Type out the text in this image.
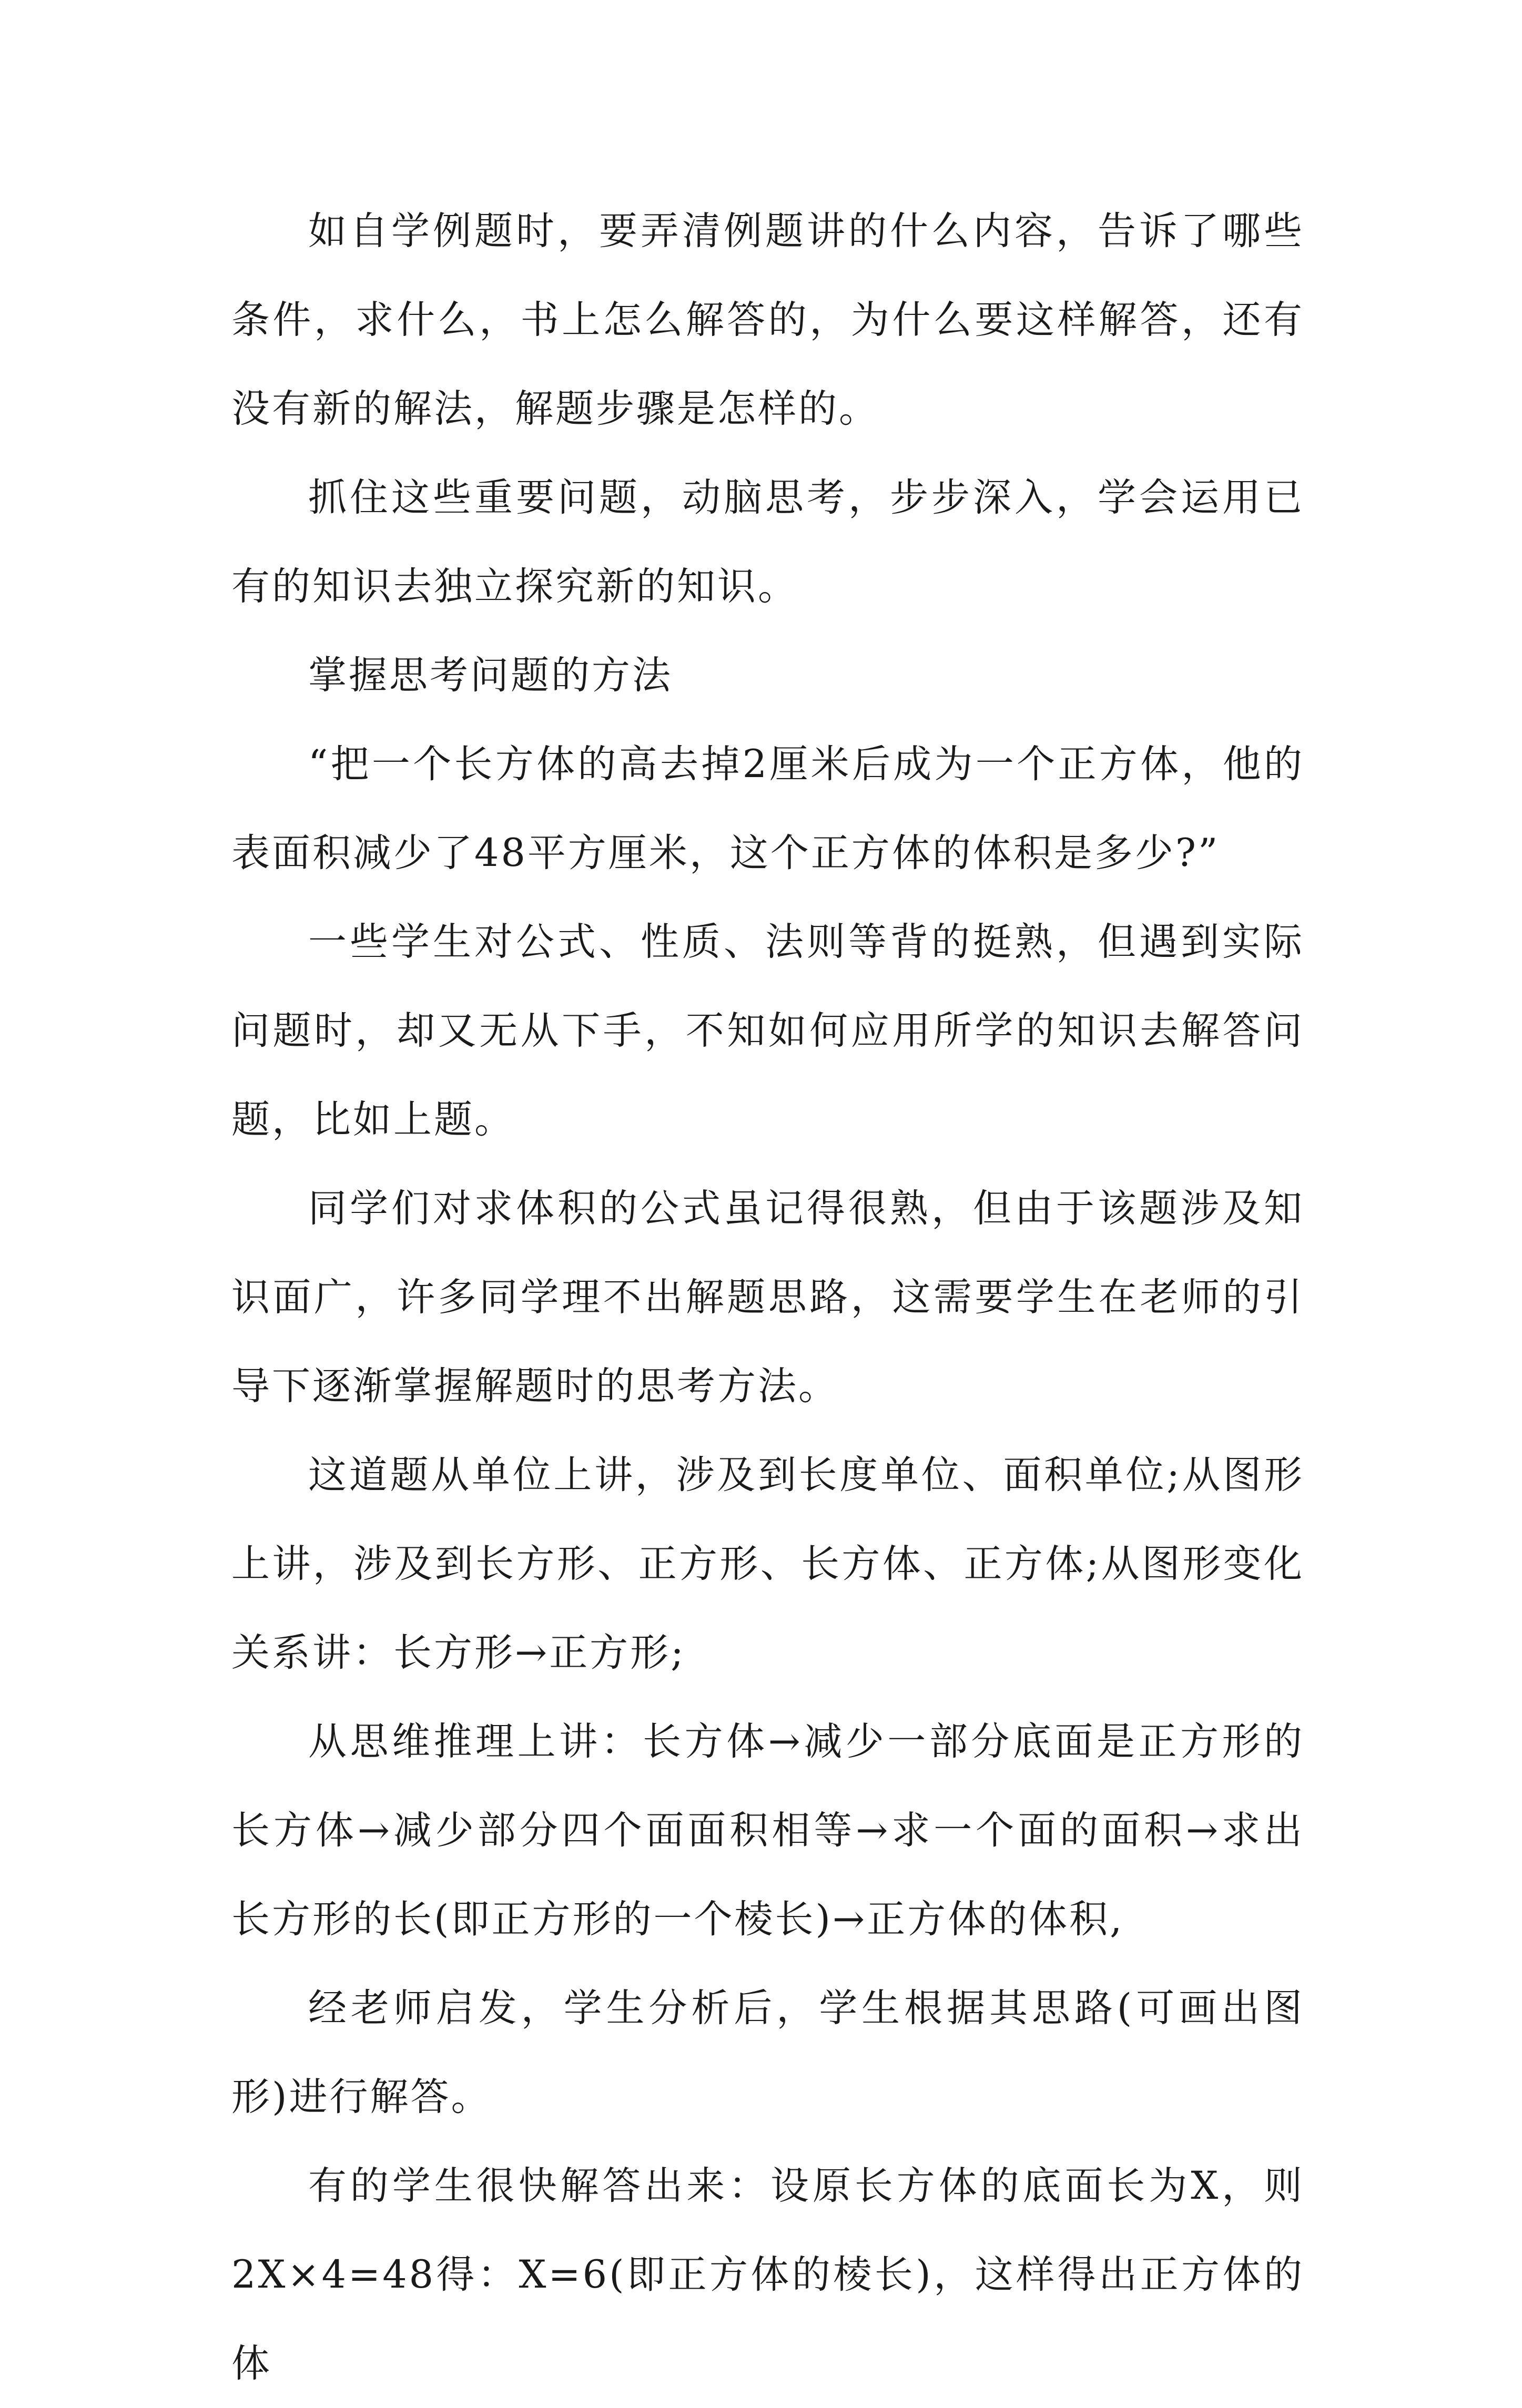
如自学例题时，要弄清例题讲的什么内容，告诉了哪些条件，求什么，书上怎么解答的，为什么要这样解答，还有没有新的解法，解题步骤是怎样的。

抓住这些重要问题，动脑思考，步步深入，学会运用已有的知识去独立探究新的知识。

掌握思考问题的方法

“把一个长方体的高去掉2厘米后成为一个正方体，他的表面积减少了48平方厘米，这个正方体的体积是多少?”

一些学生对公式、性质、法则等背的挺熟，但遇到实际问题时，却又无从下手，不知如何应用所学的知识去解答问题，比如上题。

同学们对求体积的公式虽记得很熟，但由于该题涉及知识面广，许多同学理不出解题思路，这需要学生在老师的引导下逐渐掌握解题时的思考方法。

这道题从单位上讲，涉及到长度单位、面积单位;从图形上讲，涉及到长方形、正方形、长方体、正方体;从图形变化关系讲：长方形→正方形;

从思维推理上讲：长方体→减少一部分底面是正方形的长方体→减少部分四个面面积相等→求一个面的面积→求出长方形的长(即正方形的一个棱长)→正方体的体积,

经老师启发，学生分析后，学生根据其思路(可画出图形)进行解答。

有的学生很快解答出来：设原长方体的底面长为X，则2X×4=48得：X=6(即正方体的棱长)，这样得出正方体的体
